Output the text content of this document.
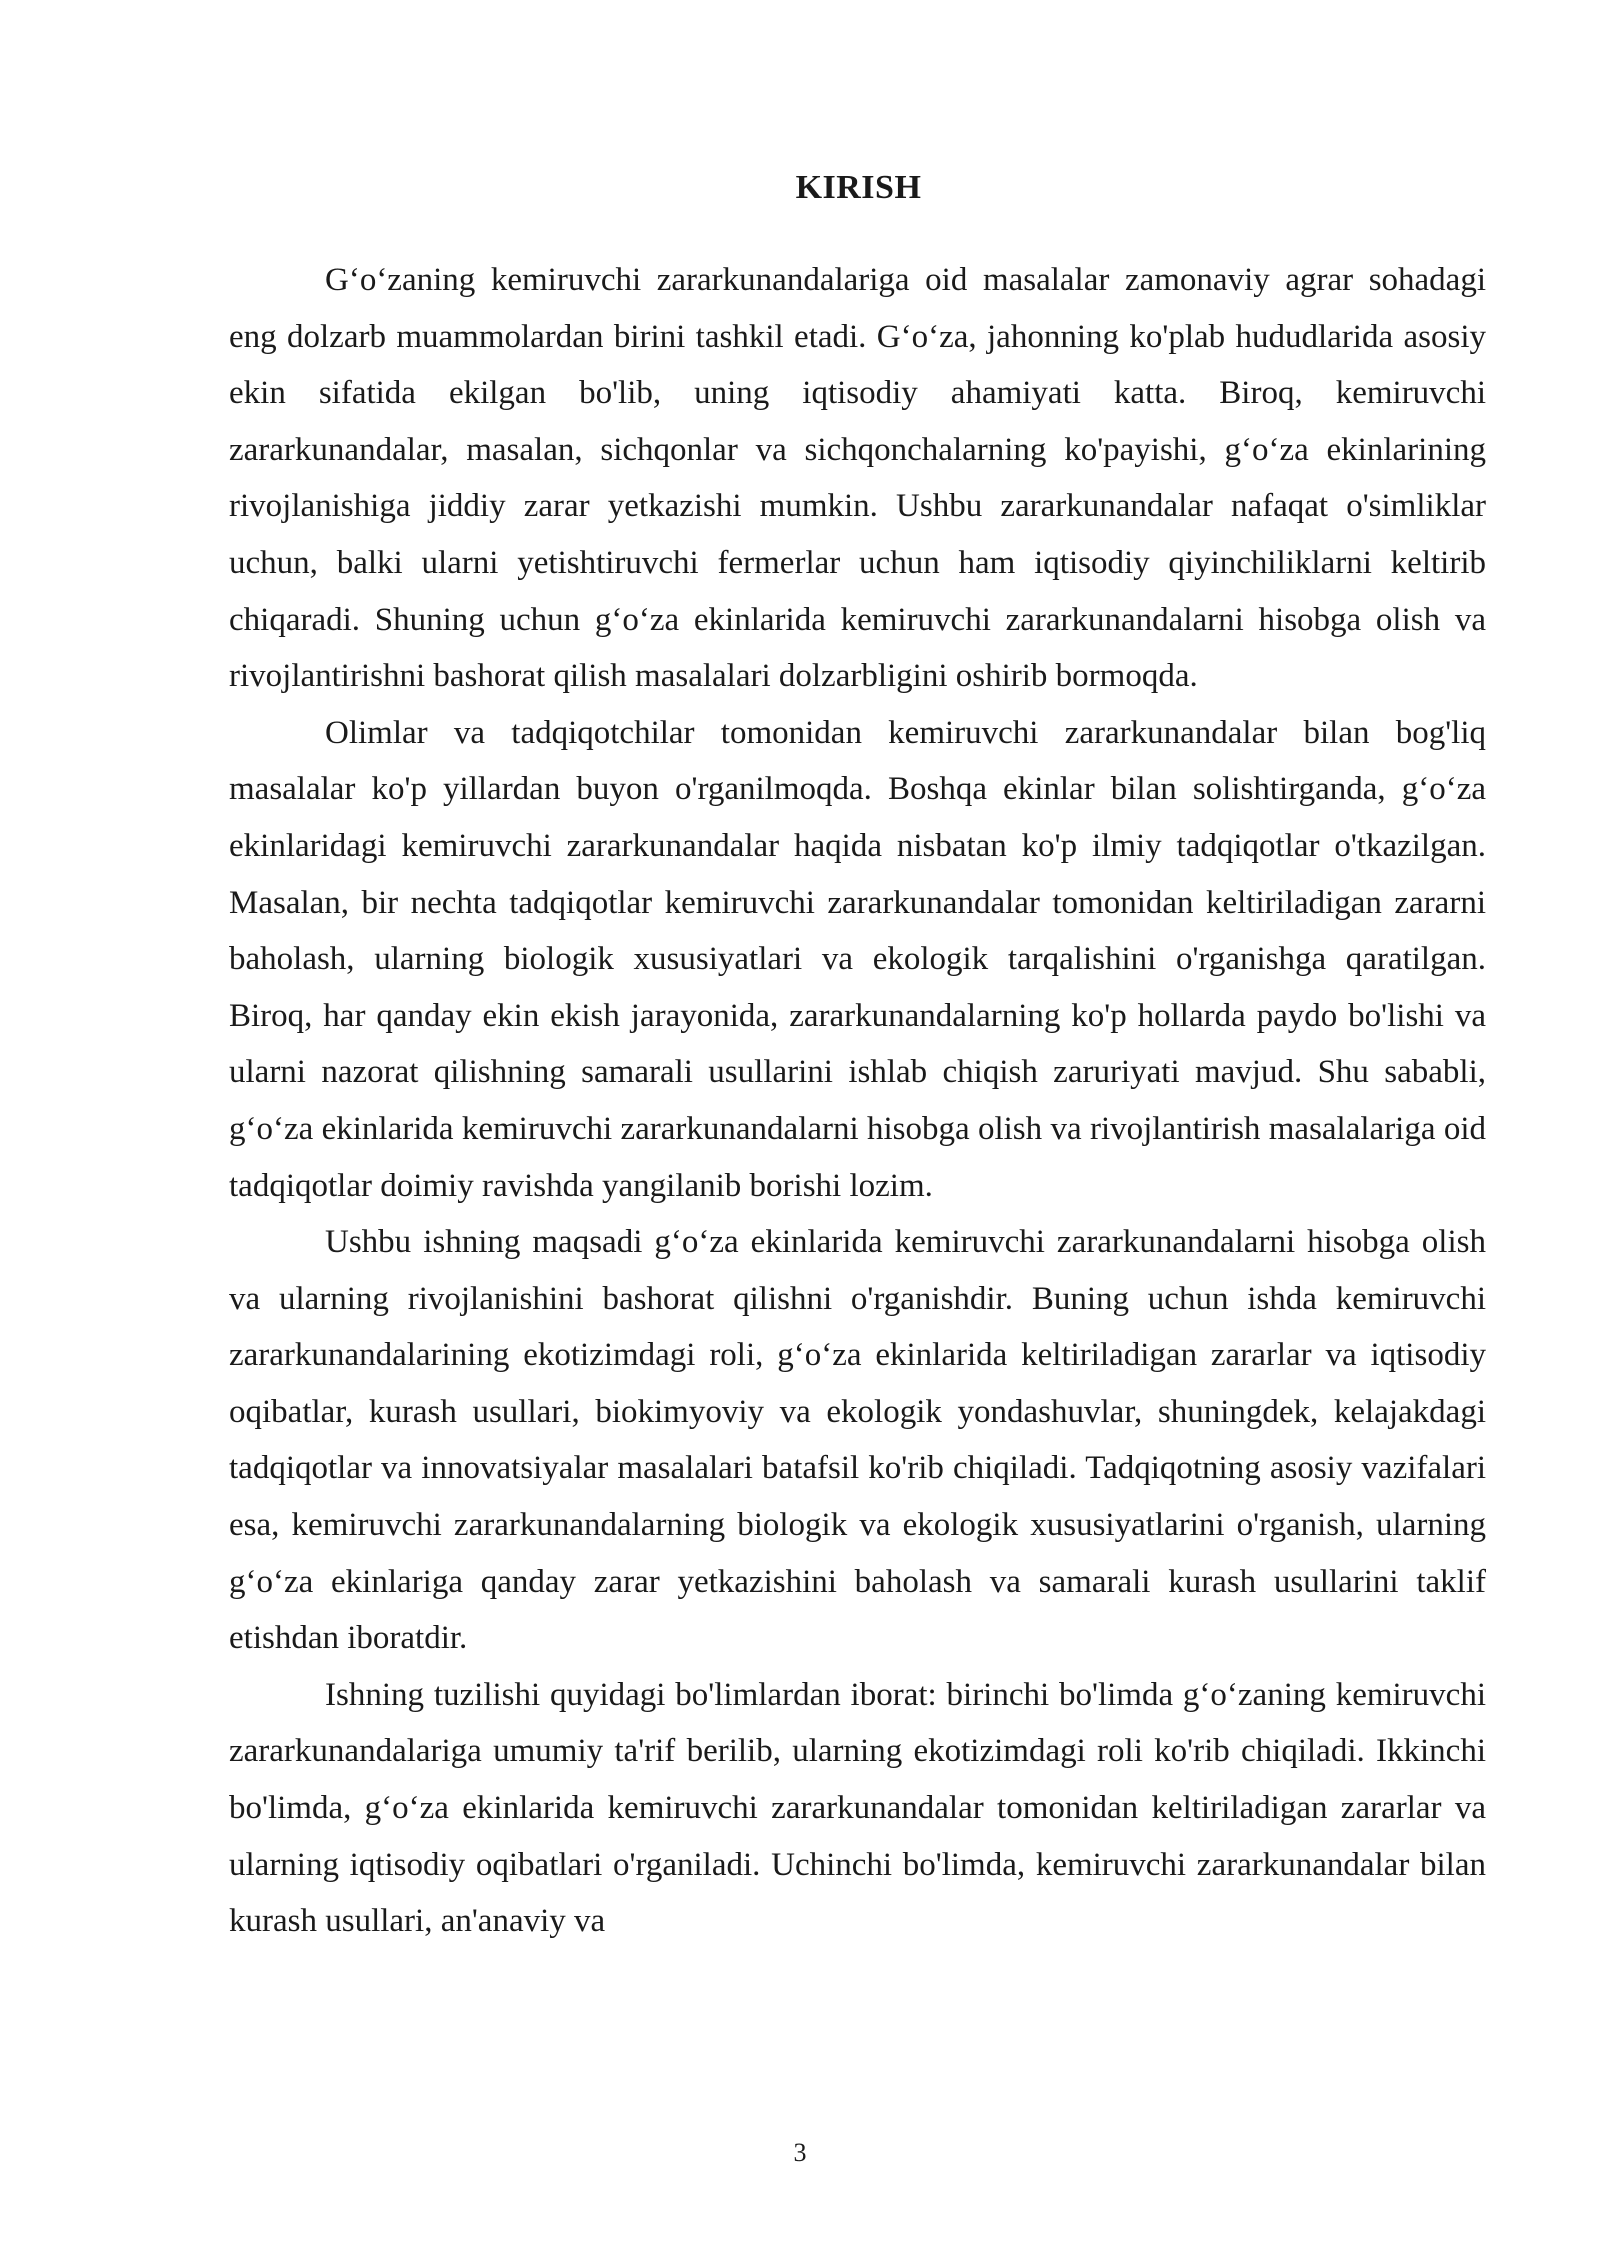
KIRISH

G‘o‘zaning kemiruvchi zararkunandalariga oid masalalar zamonaviy agrar sohadagi eng dolzarb muammolardan birini tashkil etadi. G‘o‘za, jahonning ko'plab hududlarida asosiy ekin sifatida ekilgan bo'lib, uning iqtisodiy ahamiyati katta. Biroq, kemiruvchi zararkunandalar, masalan, sichqonlar va sichqonchalarning ko'payishi, g‘o‘za ekinlarining rivojlanishiga jiddiy zarar yetkazishi mumkin. Ushbu zararkunandalar nafaqat o'simliklar uchun, balki ularni yetishtiruvchi fermerlar uchun ham iqtisodiy qiyinchiliklarni keltirib chiqaradi. Shuning uchun g‘o‘za ekinlarida kemiruvchi zararkunandalarni hisobga olish va rivojlantirishni bashorat qilish masalalari dolzarbligini oshirib bormoqda.

Olimlar va tadqiqotchilar tomonidan kemiruvchi zararkunandalar bilan bog'liq masalalar ko'p yillardan buyon o'rganilmoqda. Boshqa ekinlar bilan solishtirganda, g‘o‘za ekinlaridagi kemiruvchi zararkunandalar haqida nisbatan ko'p ilmiy tadqiqotlar o'tkazilgan. Masalan, bir nechta tadqiqotlar kemiruvchi zararkunandalar tomonidan keltiriladigan zararni baholash, ularning biologik xususiyatlari va ekologik tarqalishini o'rganishga qaratilgan. Biroq, har qanday ekin ekish jarayonida, zararkunandalarning ko'p hollarda paydo bo'lishi va ularni nazorat qilishning samarali usullarini ishlab chiqish zaruriyati mavjud. Shu sababli, g‘o‘za ekinlarida kemiruvchi zararkunandalarni hisobga olish va rivojlantirish masalalariga oid tadqiqotlar doimiy ravishda yangilanib borishi lozim.

Ushbu ishning maqsadi g‘o‘za ekinlarida kemiruvchi zararkunandalarni hisobga olish va ularning rivojlanishini bashorat qilishni o'rganishdir. Buning uchun ishda kemiruvchi zararkunandalarining ekotizimdagi roli, g‘o‘za ekinlarida keltiriladigan zararlar va iqtisodiy oqibatlar, kurash usullari, biokimyoviy va ekologik yondashuvlar, shuningdek, kelajakdagi tadqiqotlar va innovatsiyalar masalalari batafsil ko'rib chiqiladi. Tadqiqotning asosiy vazifalari esa, kemiruvchi zararkunandalarning biologik va ekologik xususiyatlarini o'rganish, ularning g‘o‘za ekinlariga qanday zarar yetkazishini baholash va samarali kurash usullarini taklif etishdan iboratdir.

Ishning tuzilishi quyidagi bo'limlardan iborat: birinchi bo'limda g‘o‘zaning kemiruvchi zararkunandalariga umumiy ta'rif berilib, ularning ekotizimdagi roli ko'rib chiqiladi. Ikkinchi bo'limda, g‘o‘za ekinlarida kemiruvchi zararkunandalar tomonidan keltiriladigan zararlar va ularning iqtisodiy oqibatlari o'rganiladi. Uchinchi bo'limda, kemiruvchi zararkunandalar bilan kurash usullari, an'anaviy va

3
